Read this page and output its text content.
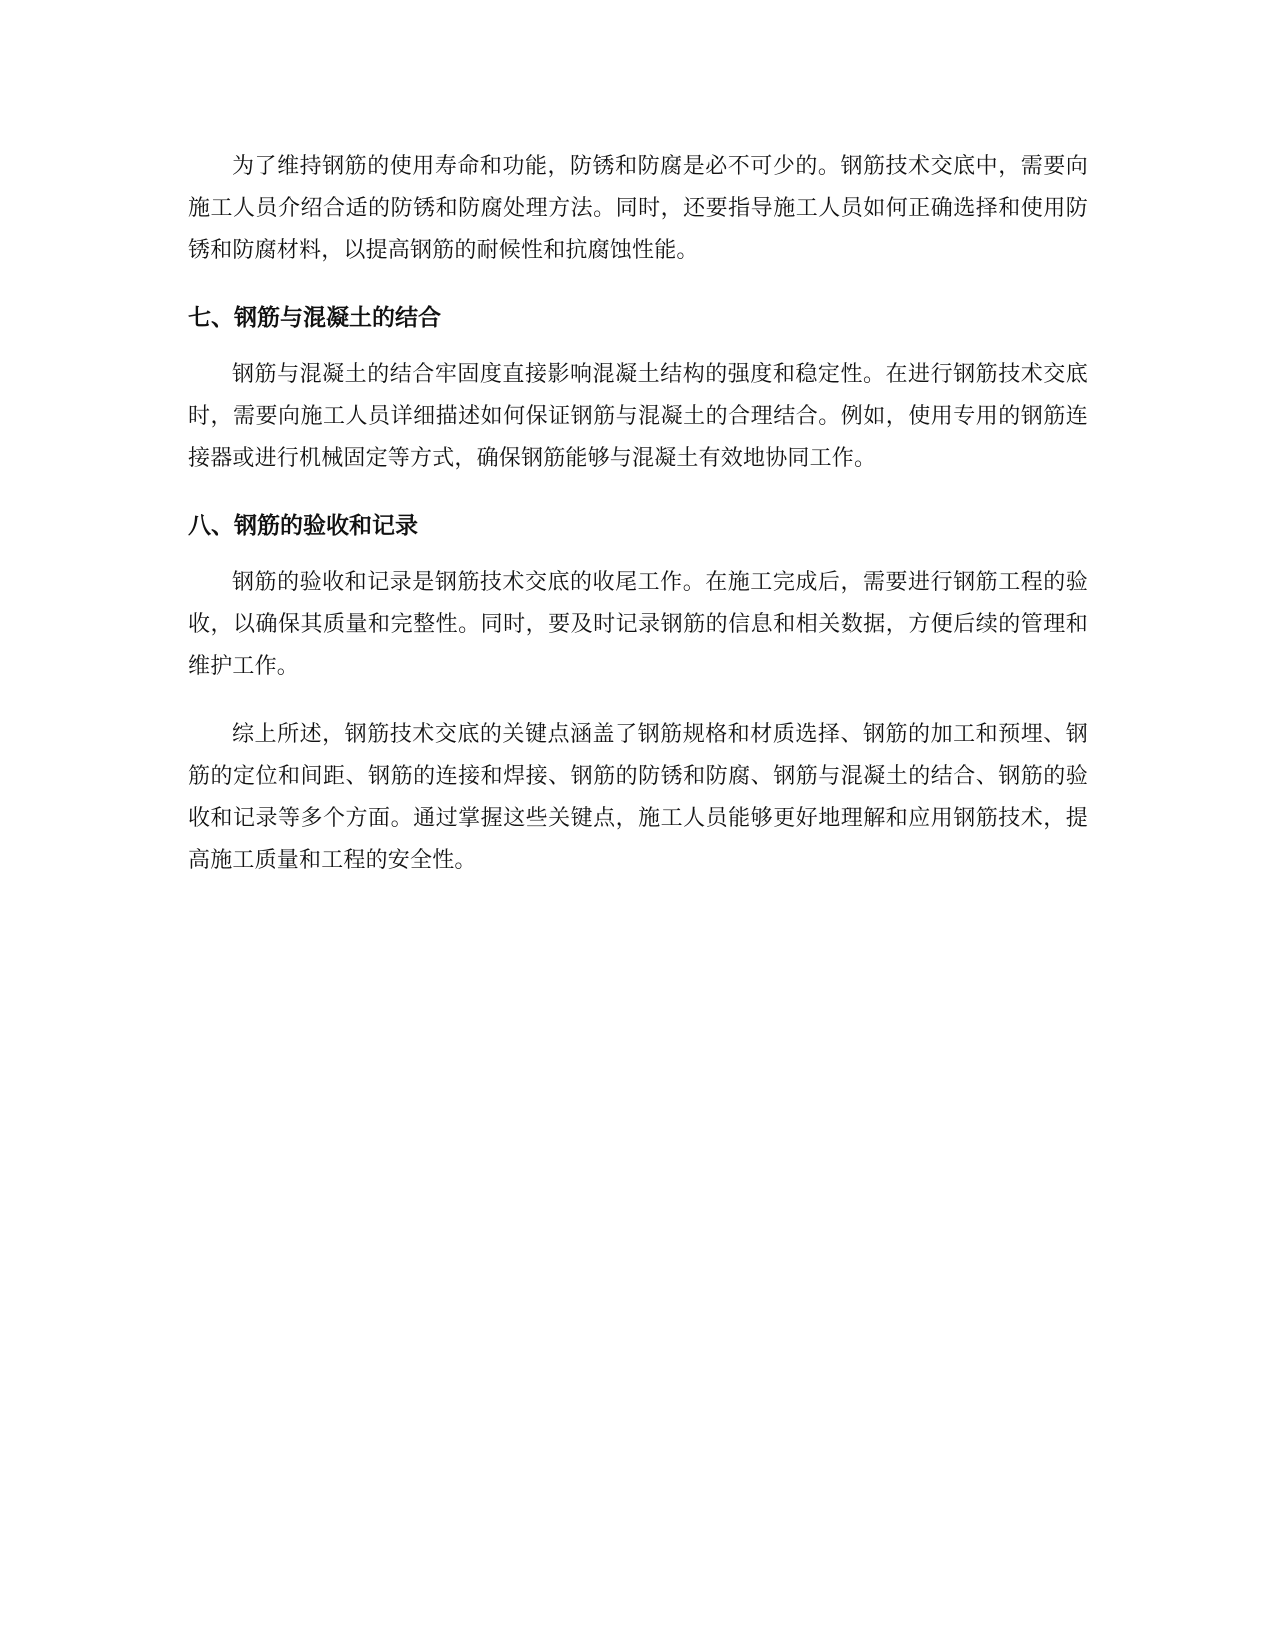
为了维持钢筋的使用寿命和功能，防锈和防腐是必不可少的。钢筋技术交底中，需要向施工人员介绍合适的防锈和防腐处理方法。同时，还要指导施工人员如何正确选择和使用防锈和防腐材料，以提高钢筋的耐候性和抗腐蚀性能。

七、钢筋与混凝土的结合

钢筋与混凝土的结合牢固度直接影响混凝土结构的强度和稳定性。在进行钢筋技术交底时，需要向施工人员详细描述如何保证钢筋与混凝土的合理结合。例如，使用专用的钢筋连接器或进行机械固定等方式，确保钢筋能够与混凝土有效地协同工作。

八、钢筋的验收和记录

钢筋的验收和记录是钢筋技术交底的收尾工作。在施工完成后，需要进行钢筋工程的验收，以确保其质量和完整性。同时，要及时记录钢筋的信息和相关数据，方便后续的管理和维护工作。

综上所述，钢筋技术交底的关键点涵盖了钢筋规格和材质选择、钢筋的加工和预埋、钢筋的定位和间距、钢筋的连接和焊接、钢筋的防锈和防腐、钢筋与混凝土的结合、钢筋的验收和记录等多个方面。通过掌握这些关键点，施工人员能够更好地理解和应用钢筋技术，提高施工质量和工程的安全性。
